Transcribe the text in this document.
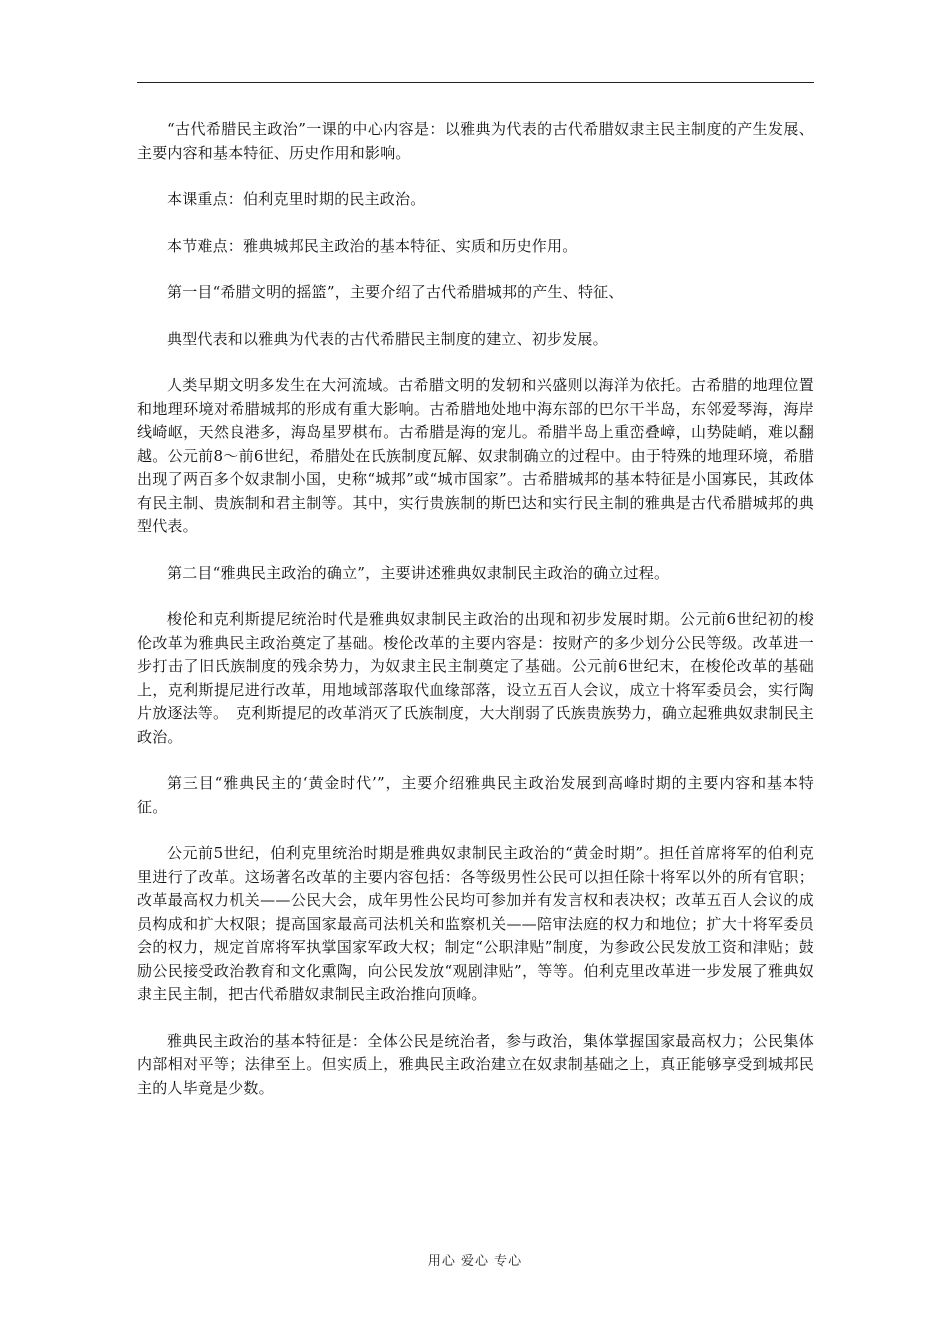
“古代希腊民主政治”一课的中心内容是：以雅典为代表的古代希腊奴隶主民主制度的产生发展、主要内容和基本特征、历史作用和影响。

本课重点：伯利克里时期的民主政治。

本节难点：雅典城邦民主政治的基本特征、实质和历史作用。

第一目“希腊文明的摇篮”，主要介绍了古代希腊城邦的产生、特征、

典型代表和以雅典为代表的古代希腊民主制度的建立、初步发展。

人类早期文明多发生在大河流域。古希腊文明的发轫和兴盛则以海洋为依托。古希腊的地理位置和地理环境对希腊城邦的形成有重大影响。古希腊地处地中海东部的巴尔干半岛，东邻爱琴海，海岸线崎岖，天然良港多，海岛星罗棋布。古希腊是海的宠儿。希腊半岛上重峦叠嶂，山势陡峭，难以翻越。公元前8～前6世纪，希腊处在氏族制度瓦解、奴隶制确立的过程中。由于特殊的地理环境，希腊出现了两百多个奴隶制小国，史称“城邦”或“城市国家”。古希腊城邦的基本特征是小国寡民，其政体有民主制、贵族制和君主制等。其中，实行贵族制的斯巴达和实行民主制的雅典是古代希腊城邦的典型代表。

第二目“雅典民主政治的确立”，主要讲述雅典奴隶制民主政治的确立过程。

梭伦和克利斯提尼统治时代是雅典奴隶制民主政治的出现和初步发展时期。公元前6世纪初的梭伦改革为雅典民主政治奠定了基础。梭伦改革的主要内容是：按财产的多少划分公民等级。改革进一步打击了旧氏族制度的残余势力，为奴隶主民主制奠定了基础。公元前6世纪末，在梭伦改革的基础上，克利斯提尼进行改革，用地域部落取代血缘部落，设立五百人会议，成立十将军委员会，实行陶片放逐法等。　克利斯提尼的改革消灭了氏族制度，大大削弱了氏族贵族势力，确立起雅典奴隶制民主政治。

第三目“雅典民主的‘黄金时代’”，主要介绍雅典民主政治发展到高峰时期的主要内容和基本特征。

公元前5世纪，伯利克里统治时期是雅典奴隶制民主政治的“黄金时期”。担任首席将军的伯利克里进行了改革。这场著名改革的主要内容包括：各等级男性公民可以担任除十将军以外的所有官职；改革最高权力机关——公民大会，成年男性公民均可参加并有发言权和表决权；改革五百人会议的成员构成和扩大权限；提高国家最高司法机关和监察机关——陪审法庭的权力和地位；扩大十将军委员会的权力，规定首席将军执掌国家军政大权；制定“公职津贴”制度，为参政公民发放工资和津贴；鼓励公民接受政治教育和文化熏陶，向公民发放“观剧津贴”，等等。伯利克里改革进一步发展了雅典奴隶主民主制，把古代希腊奴隶制民主政治推向顶峰。

雅典民主政治的基本特征是：全体公民是统治者，参与政治，集体掌握国家最高权力；公民集体内部相对平等；法律至上。但实质上，雅典民主政治建立在奴隶制基础之上，真正能够享受到城邦民主的人毕竟是少数。

用心 爱心 专心
